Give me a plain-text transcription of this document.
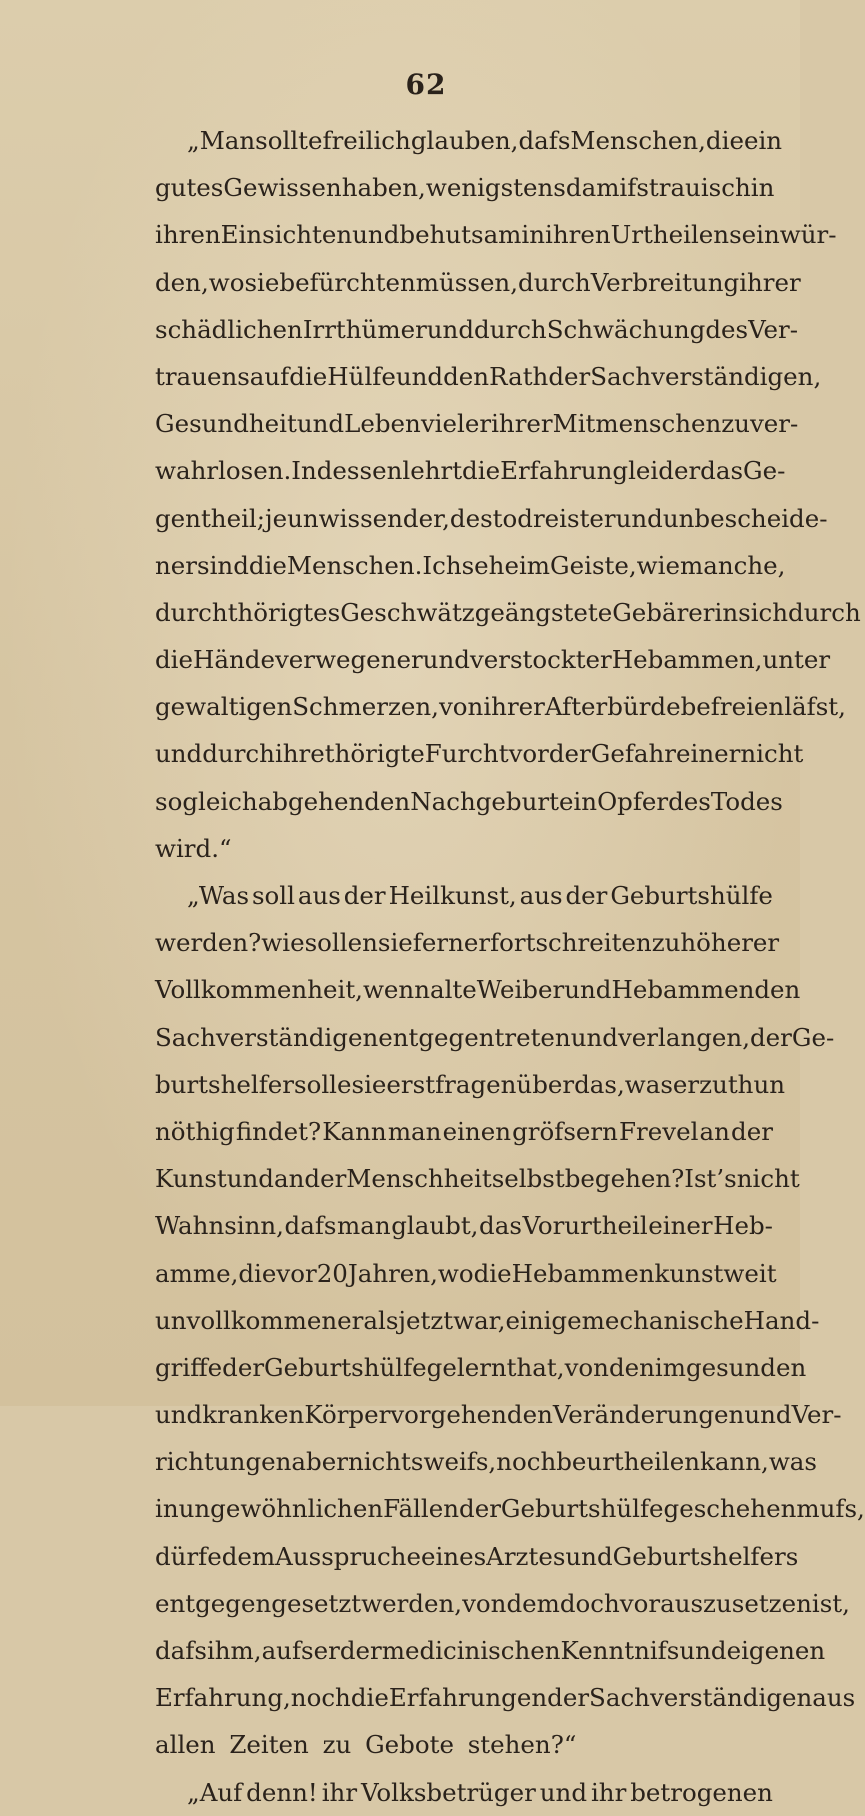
62
„Man sollte freilich glauben, dafs Menschen, die ein
gutes Gewissen haben, wenigstens da mifstrauisch in
ihren Einsichten und behutsam in ihren Urtheilen sein wür-
den, wo sie befürchten müssen, durch Verbreitung ihrer
schädlichen Irrthümer und durch Schwächung des Ver-
trauens auf die Hülfe und den Rath der Sachverständigen,
Gesundheit und Leben vieler ihrer Mitmenschen zu ver-
wahrlosen. Indessen lehrt die Erfahrung leider das Ge-
gentheil; je unwissender, desto dreister und unbescheide-
ner sind die Menschen. Ich sehe im Geiste, wie manche,
durch thörigtes Geschwätz geängstete Gebärerin sich durch
die Hände verwegener und verstockter Hebammen, unter
gewaltigen Schmerzen, von ihrer Afterbürde befreien läfst,
und durch ihre thörigte Furcht vor der Gefahr einer nicht
sogleich abgehenden Nachgeburt ein Opfer des Todes
wird.“
„Was soll aus der Heilkunst, aus der Geburtshülfe
werden? wie sollen sie ferner fortschreiten zu höherer
Vollkommenheit, wenn alte Weiber und Hebammen den
Sachverständigen entgegen treten und verlangen, der Ge-
burtshelfer solle sie erst fragen über das, was er zu thun
nöthig findet? Kann man einen gröfsern Frevel an der
Kunst und an der Menschheit selbst begehen? Ist’s nicht
Wahnsinn, dafs man glaubt, das Vorurtheil einer Heb-
amme, die vor 20 Jahren, wo die Hebammenkunst weit
unvollkommener als jetzt war, einige mechanische Hand-
griffe der Geburtshülfe gelernt hat, von den im gesunden
und kranken Körper vorgehenden Veränderungen und Ver-
richtungen aber nichts weifs, noch beurtheilen kann, was
in ungewöhnlichen Fällen der Geburtshülfe geschehen mufs,
dürfe dem Ausspruche eines Arztes und Geburtshelfers
entgegengesetzt werden, von dem doch vorauszusetzen ist,
dafs ihm, aufser der medicinischen Kenntnifs und eigenen
Erfahrung, noch die Erfahrungen der Sachverständigen aus
allen Zeiten zu Gebote stehen?“
„Auf denn! ihr Volksbetrüger und ihr betrogenen
